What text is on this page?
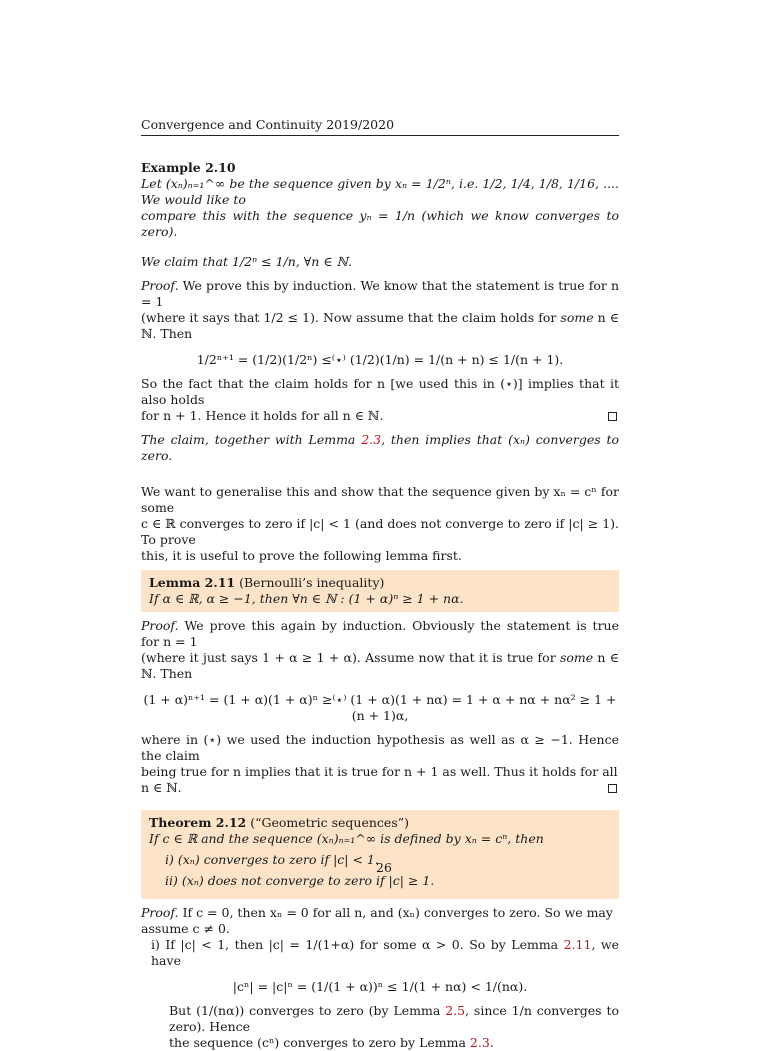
Convergence and Continuity 2019/2020

Example 2.10

Let (xₙ)ₙ₌₁^∞ be the sequence given by xₙ = 1/2ⁿ, i.e. 1/2, 1/4, 1/8, 1/16, .... We would like to

compare this with the sequence yₙ = 1/n (which we know converges to zero).

We claim that 1/2ⁿ ≤ 1/n, ∀n ∈ ℕ.

Proof. We prove this by induction. We know that the statement is true for n = 1

(where it says that 1/2 ≤ 1). Now assume that the claim holds for some n ∈ ℕ. Then

1/2ⁿ⁺¹ = (1/2)(1/2ⁿ) ≤⁽⋆⁾ (1/2)(1/n) = 1/(n + n) ≤ 1/(n + 1).

So the fact that the claim holds for n [we used this in (⋆)] implies that it also holds

for n + 1. Hence it holds for all n ∈ ℕ.

The claim, together with Lemma 2.3, then implies that (xₙ) converges to zero.

We want to generalise this and show that the sequence given by xₙ = cⁿ for some

c ∈ ℝ converges to zero if |c| < 1 (and does not converge to zero if |c| ≥ 1). To prove

this, it is useful to prove the following lemma first.

Lemma 2.11 (Bernoulli’s inequality)

If α ∈ ℝ, α ≥ −1, then ∀n ∈ ℕ : (1 + α)ⁿ ≥ 1 + nα.

Proof. We prove this again by induction. Obviously the statement is true for n = 1

(where it just says 1 + α ≥ 1 + α). Assume now that it is true for some n ∈ ℕ. Then

(1 + α)ⁿ⁺¹ = (1 + α)(1 + α)ⁿ ≥⁽⋆⁾ (1 + α)(1 + nα) = 1 + α + nα + nα² ≥ 1 + (n + 1)α,

where in (⋆) we used the induction hypothesis as well as α ≥ −1. Hence the claim

being true for n implies that it is true for n + 1 as well. Thus it holds for all

n ∈ ℕ.

Theorem 2.12 (“Geometric sequences”)

If c ∈ ℝ and the sequence (xₙ)ₙ₌₁^∞ is defined by xₙ = cⁿ, then

i) (xₙ) converges to zero if |c| < 1.

ii) (xₙ) does not converge to zero if |c| ≥ 1.

Proof. If c = 0, then xₙ = 0 for all n, and (xₙ) converges to zero. So we may

assume c ≠ 0.

i) If |c| < 1, then |c| = 1/(1+α) for some α > 0. So by Lemma 2.11, we have

|cⁿ| = |c|ⁿ = (1/(1 + α))ⁿ ≤ 1/(1 + nα) < 1/(nα).

But (1/(nα)) converges to zero (by Lemma 2.5, since 1/n converges to zero). Hence

the sequence (cⁿ) converges to zero by Lemma 2.3.

26
